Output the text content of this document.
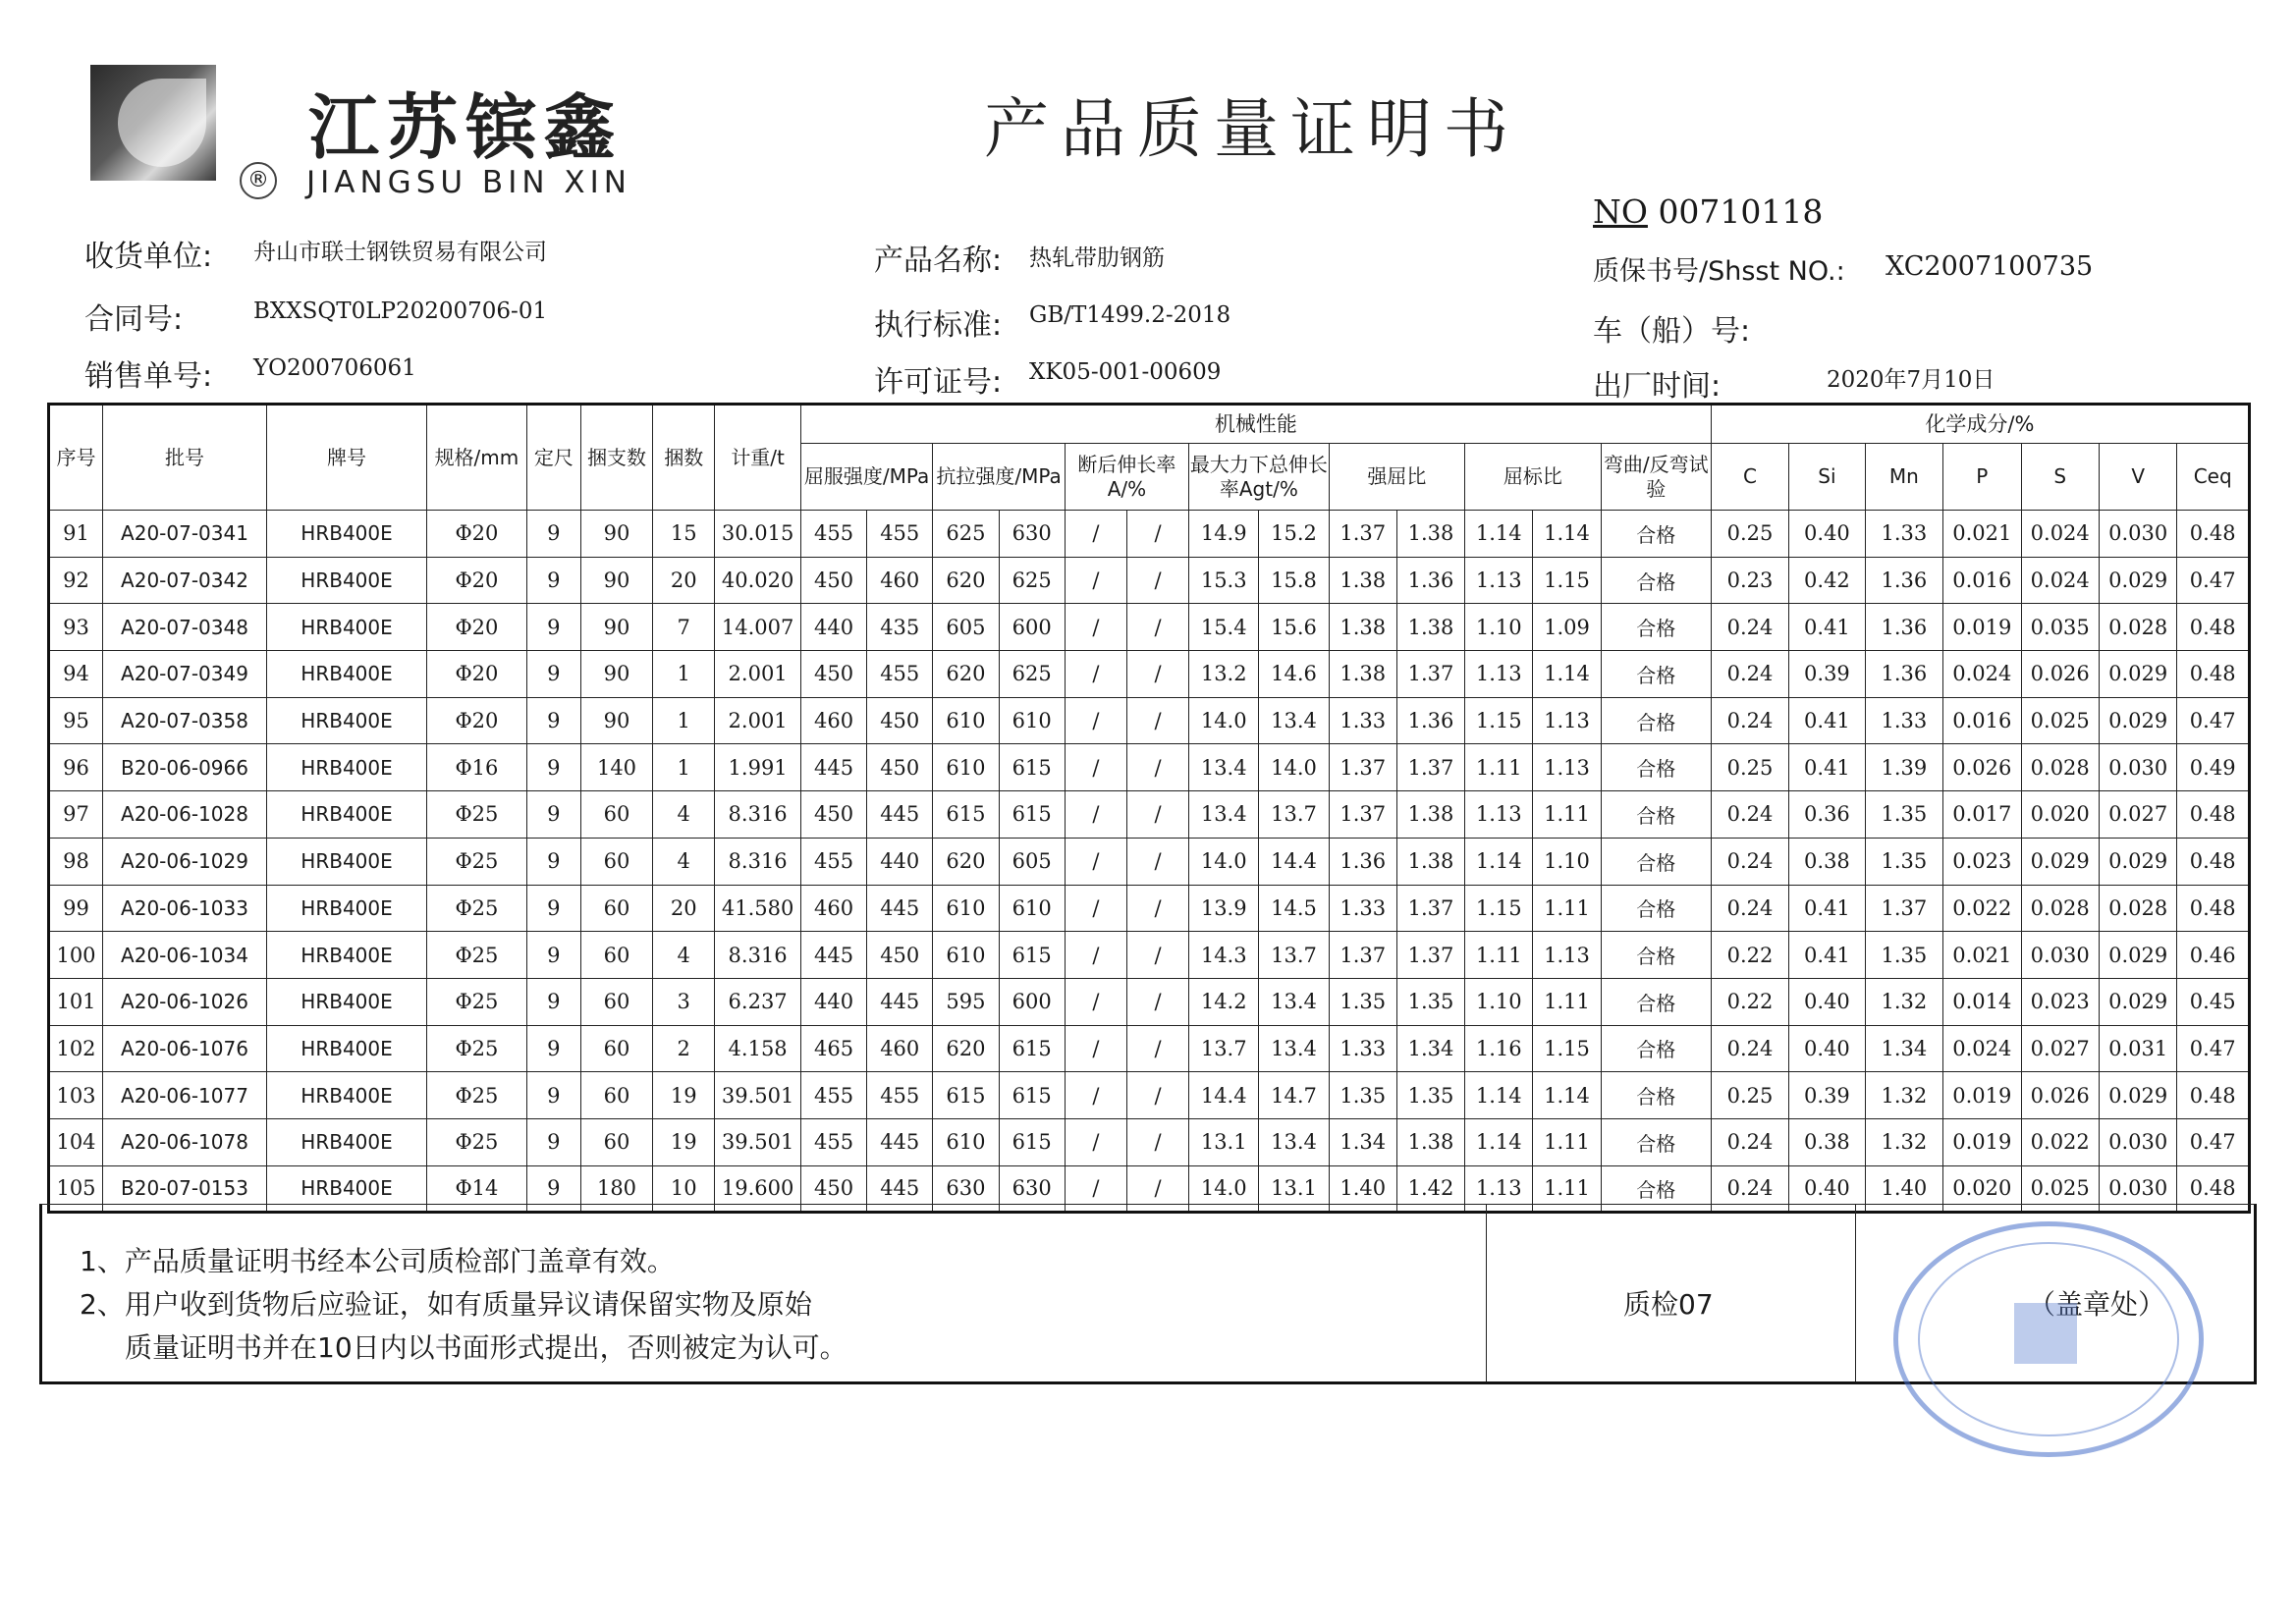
江苏镔鑫
® JIANGSU BIN XIN
产品质量证明书
NO 00710118
收货单位: 舟山市联士钢铁贸易有限公司
合同号:	BXXSQT0LP20200706-01
销售单号: YO200706061
产品名称: 热轧带肋钢筋
执行标准: GB/T1499.2-2018
许可证号: XK05-001-00609
质保书号/Shsst NO.: XC2007100735
车（船）号:
出厂时间:	2020年7月10日
序号	批号	牌号	规格/mm	定尺	捆支数	捆数	计重/t	机械性能													化学成分/%						
								屈服强度/MPa		抗拉强度/MPa		断后伸长率A/%		最大力下总伸长率Agt/%		强屈比		屈标比		弯曲/反弯试验	C	Si	Mn	P	S	V	Ceq
91	A20-07-0341	HRB400E	Φ20	9	90	15	30.015	455	455	625	630	/	/	14.9	15.2	1.37	1.38	1.14	1.14	合格	0.25	0.40	1.33	0.021	0.024	0.030	0.48
92	A20-07-0342	HRB400E	Φ20	9	90	20	40.020	450	460	620	625	/	/	15.3	15.8	1.38	1.36	1.13	1.15	合格	0.23	0.42	1.36	0.016	0.024	0.029	0.47
93	A20-07-0348	HRB400E	Φ20	9	90	7	14.007	440	435	605	600	/	/	15.4	15.6	1.38	1.38	1.10	1.09	合格	0.24	0.41	1.36	0.019	0.035	0.028	0.48
94	A20-07-0349	HRB400E	Φ20	9	90	1	2.001	450	455	620	625	/	/	13.2	14.6	1.38	1.37	1.13	1.14	合格	0.24	0.39	1.36	0.024	0.026	0.029	0.48
95	A20-07-0358	HRB400E	Φ20	9	90	1	2.001	460	450	610	610	/	/	14.0	13.4	1.33	1.36	1.15	1.13	合格	0.24	0.41	1.33	0.016	0.025	0.029	0.47
96	B20-06-0966	HRB400E	Φ16	9	140	1	1.991	445	450	610	615	/	/	13.4	14.0	1.37	1.37	1.11	1.13	合格	0.25	0.41	1.39	0.026	0.028	0.030	0.49
97	A20-06-1028	HRB400E	Φ25	9	60	4	8.316	450	445	615	615	/	/	13.4	13.7	1.37	1.38	1.13	1.11	合格	0.24	0.36	1.35	0.017	0.020	0.027	0.48
98	A20-06-1029	HRB400E	Φ25	9	60	4	8.316	455	440	620	605	/	/	14.0	14.4	1.36	1.38	1.14	1.10	合格	0.24	0.38	1.35	0.023	0.029	0.029	0.48
99	A20-06-1033	HRB400E	Φ25	9	60	20	41.580	460	445	610	610	/	/	13.9	14.5	1.33	1.37	1.15	1.11	合格	0.24	0.41	1.37	0.022	0.028	0.028	0.48
100	A20-06-1034	HRB400E	Φ25	9	60	4	8.316	445	450	610	615	/	/	14.3	13.7	1.37	1.37	1.11	1.13	合格	0.22	0.41	1.35	0.021	0.030	0.029	0.46
101	A20-06-1026	HRB400E	Φ25	9	60	3	6.237	440	445	595	600	/	/	14.2	13.4	1.35	1.35	1.10	1.11	合格	0.22	0.40	1.32	0.014	0.023	0.029	0.45
102	A20-06-1076	HRB400E	Φ25	9	60	2	4.158	465	460	620	615	/	/	13.7	13.4	1.33	1.34	1.16	1.15	合格	0.24	0.40	1.34	0.024	0.027	0.031	0.47
103	A20-06-1077	HRB400E	Φ25	9	60	19	39.501	455	455	615	615	/	/	14.4	14.7	1.35	1.35	1.14	1.14	合格	0.25	0.39	1.32	0.019	0.026	0.029	0.48
104	A20-06-1078	HRB400E	Φ25	9	60	19	39.501	455	445	610	615	/	/	13.1	13.4	1.34	1.38	1.14	1.11	合格	0.24	0.38	1.32	0.019	0.022	0.030	0.47
105	B20-07-0153	HRB400E	Φ14	9	180	10	19.600	450	445	630	630	/	/	14.0	13.1	1.40	1.42	1.13	1.11	合格	0.24	0.40	1.40	0.020	0.025	0.030	0.48
1、产品质量证明书经本公司质检部门盖章有效。
2、用户收到货物后应验证，如有质量异议请保留实物及原始
质量证明书并在10日内以书面形式提出，否则被定为认可。
质检07	（盖章处）
